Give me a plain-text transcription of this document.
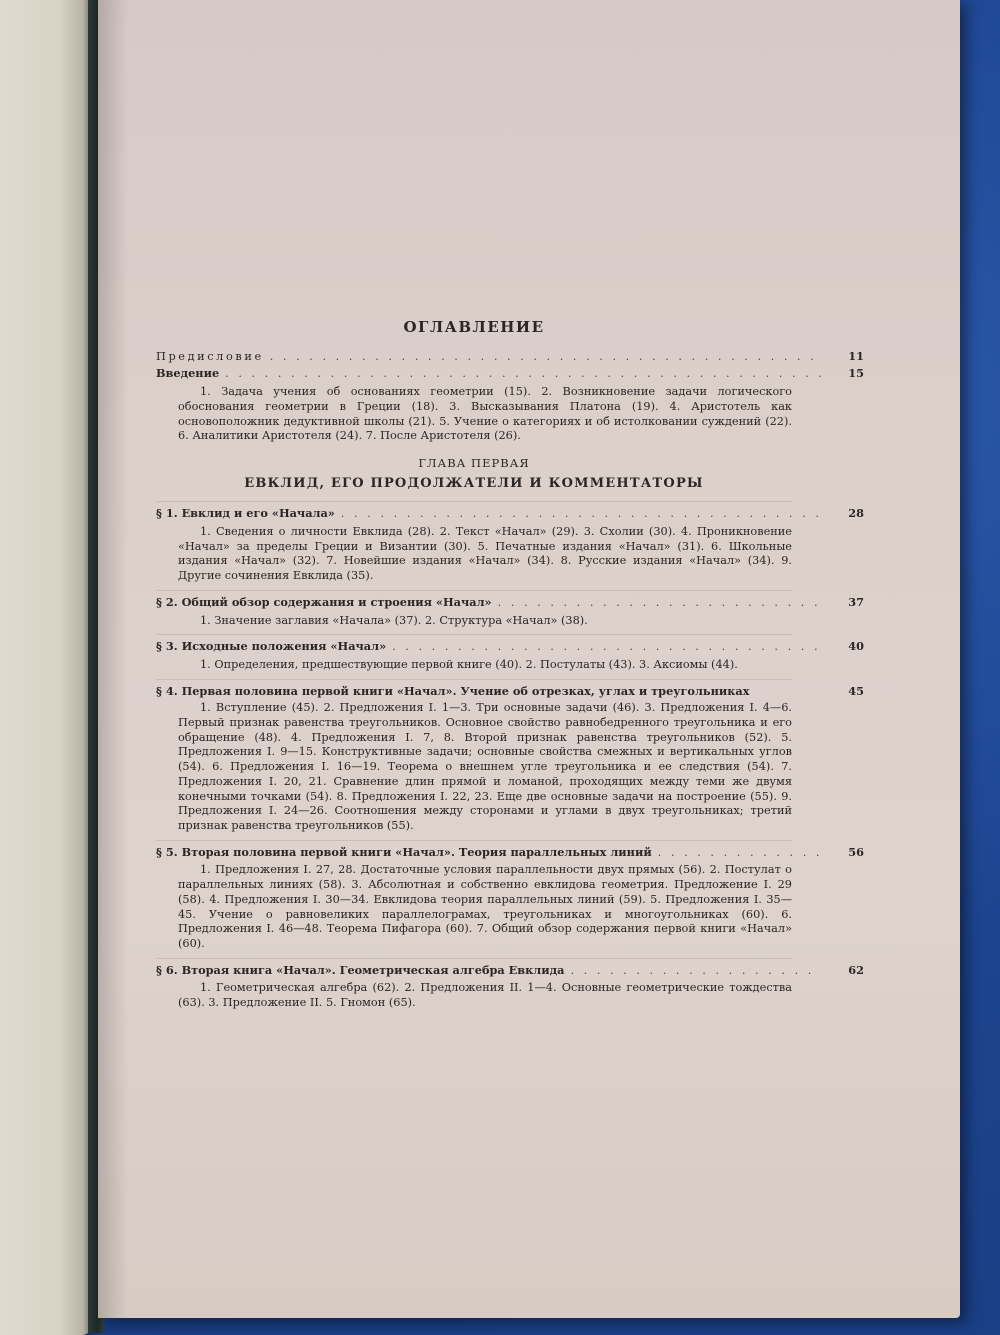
ОГЛАВЛЕНИЕ
Предисловие . . .	11
Введение . . .	15
1. Задача учения об основаниях геометрии (15). 2. Возникновение задачи логического обоснования геометрии в Греции (18). 3. Высказывания Платона (19). 4. Аристотель как основоположник дедуктивной школы (21). 5. Учение о категориях и об истолковании суждений (22). 6. Аналитики Аристотеля (24). 7. После Аристотеля (26).
ГЛАВА ПЕРВАЯ
ЕВКЛИД, ЕГО ПРОДОЛЖАТЕЛИ И КОММЕНТАТОРЫ
§ 1. Евклид и его «Начала» . . .	28
1. Сведения о личности Евклида (28). 2. Текст «Начал» (29). 3. Схолии (30). 4. Проникновение «Начал» за пределы Греции и Византии (30). 5. Печатные издания «Начал» (31). 6. Школьные издания «Начал» (32). 7. Новейшие издания «Начал» (34). 8. Русские издания «Начал» (34). 9. Другие сочинения Евклида (35).
§ 2. Общий обзор содержания и строения «Начал» . . .	37
1. Значение заглавия «Начала» (37). 2. Структура «Начал» (38).
§ 3. Исходные положения «Начал» . . .	40
1. Определения, предшествующие первой книге (40). 2. Постулаты (43). 3. Аксиомы (44).
§ 4. Первая половина первой книги «Начал». Учение об отрезках, углах и треугольниках	45
1. Вступление (45). 2. Предложения I. 1—3. Три основные задачи (46). 3. Предложения I. 4—6. Первый признак равенства треугольников. Основное свойство равнобедренного треугольника и его обращение (48). 4. Предложения I. 7, 8. Второй признак равенства треугольников (52). 5. Предложения I. 9—15. Конструктивные задачи; основные свойства смежных и вертикальных углов (54). 6. Предложения I. 16—19. Теорема о внешнем угле треугольника и ее следствия (54). 7. Предложения I. 20, 21. Сравнение длин прямой и ломаной, проходящих между теми же двумя конечными точками (54). 8. Предложения I. 22, 23. Еще две основные задачи на построение (55). 9. Предложения I. 24—26. Соотношения между сторонами и углами в двух треугольниках; третий признак равенства треугольников (55).
§ 5. Вторая половина первой книги «Начал». Теория параллельных линий . . .	56
1. Предложения I. 27, 28. Достаточные условия параллельности двух прямых (56). 2. Постулат о параллельных линиях (58). 3. Абсолютная и собственно евклидова геометрия. Предложение I. 29 (58). 4. Предложения I. 30—34. Евклидова теория параллельных линий (59). 5. Предложения I. 35—45. Учение о равновеликих параллелограмах, треугольниках и многоугольниках (60). 6. Предложения I. 46—48. Теорема Пифагора (60). 7. Общий обзор содержания первой книги «Начал» (60).
§ 6. Вторая книга «Начал». Геометрическая алгебра Евклида . . .	62
1. Геометрическая алгебра (62). 2. Предложения II. 1—4. Основные геометрические тождества (63). 3. Предложение II. 5. Гномон (65).
